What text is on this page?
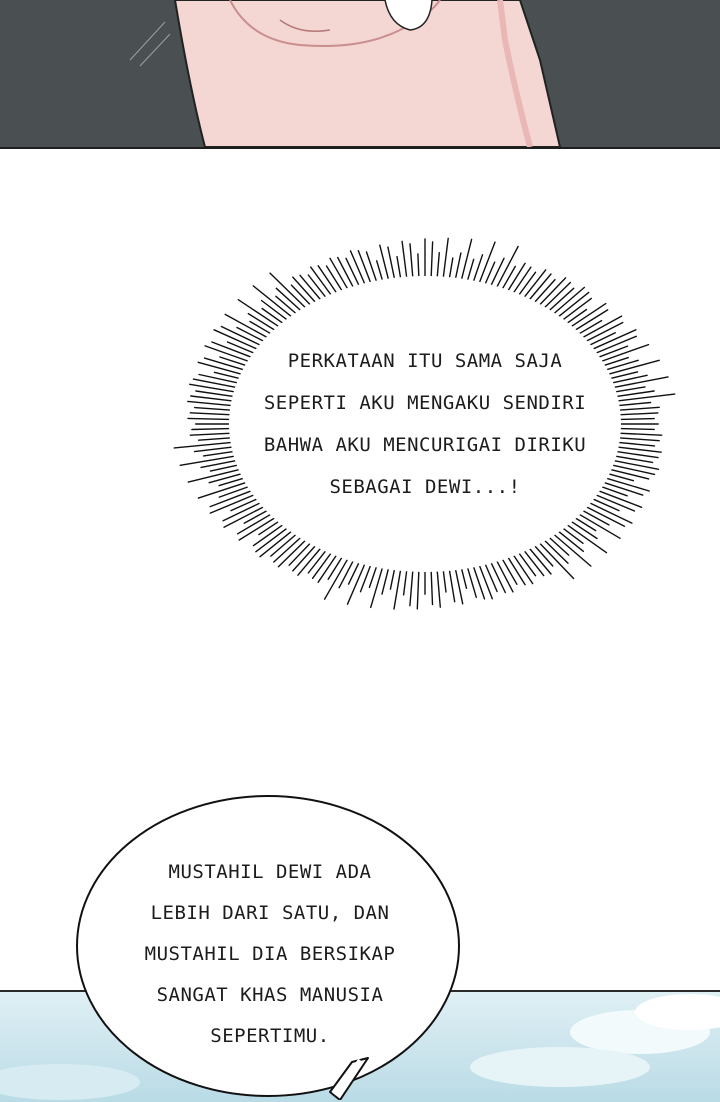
PERKATAAN ITU SAMA SAJA
SEPERTI AKU MENGAKU SENDIRI
BAHWA AKU MENCURIGAI DIRIKU
SEBAGAI DEWI...!

MUSTAHIL DEWI ADA
LEBIH DARI SATU, DAN
MUSTAHIL DIA BERSIKAP
SANGAT KHAS MANUSIA
SEPERTIMU.
